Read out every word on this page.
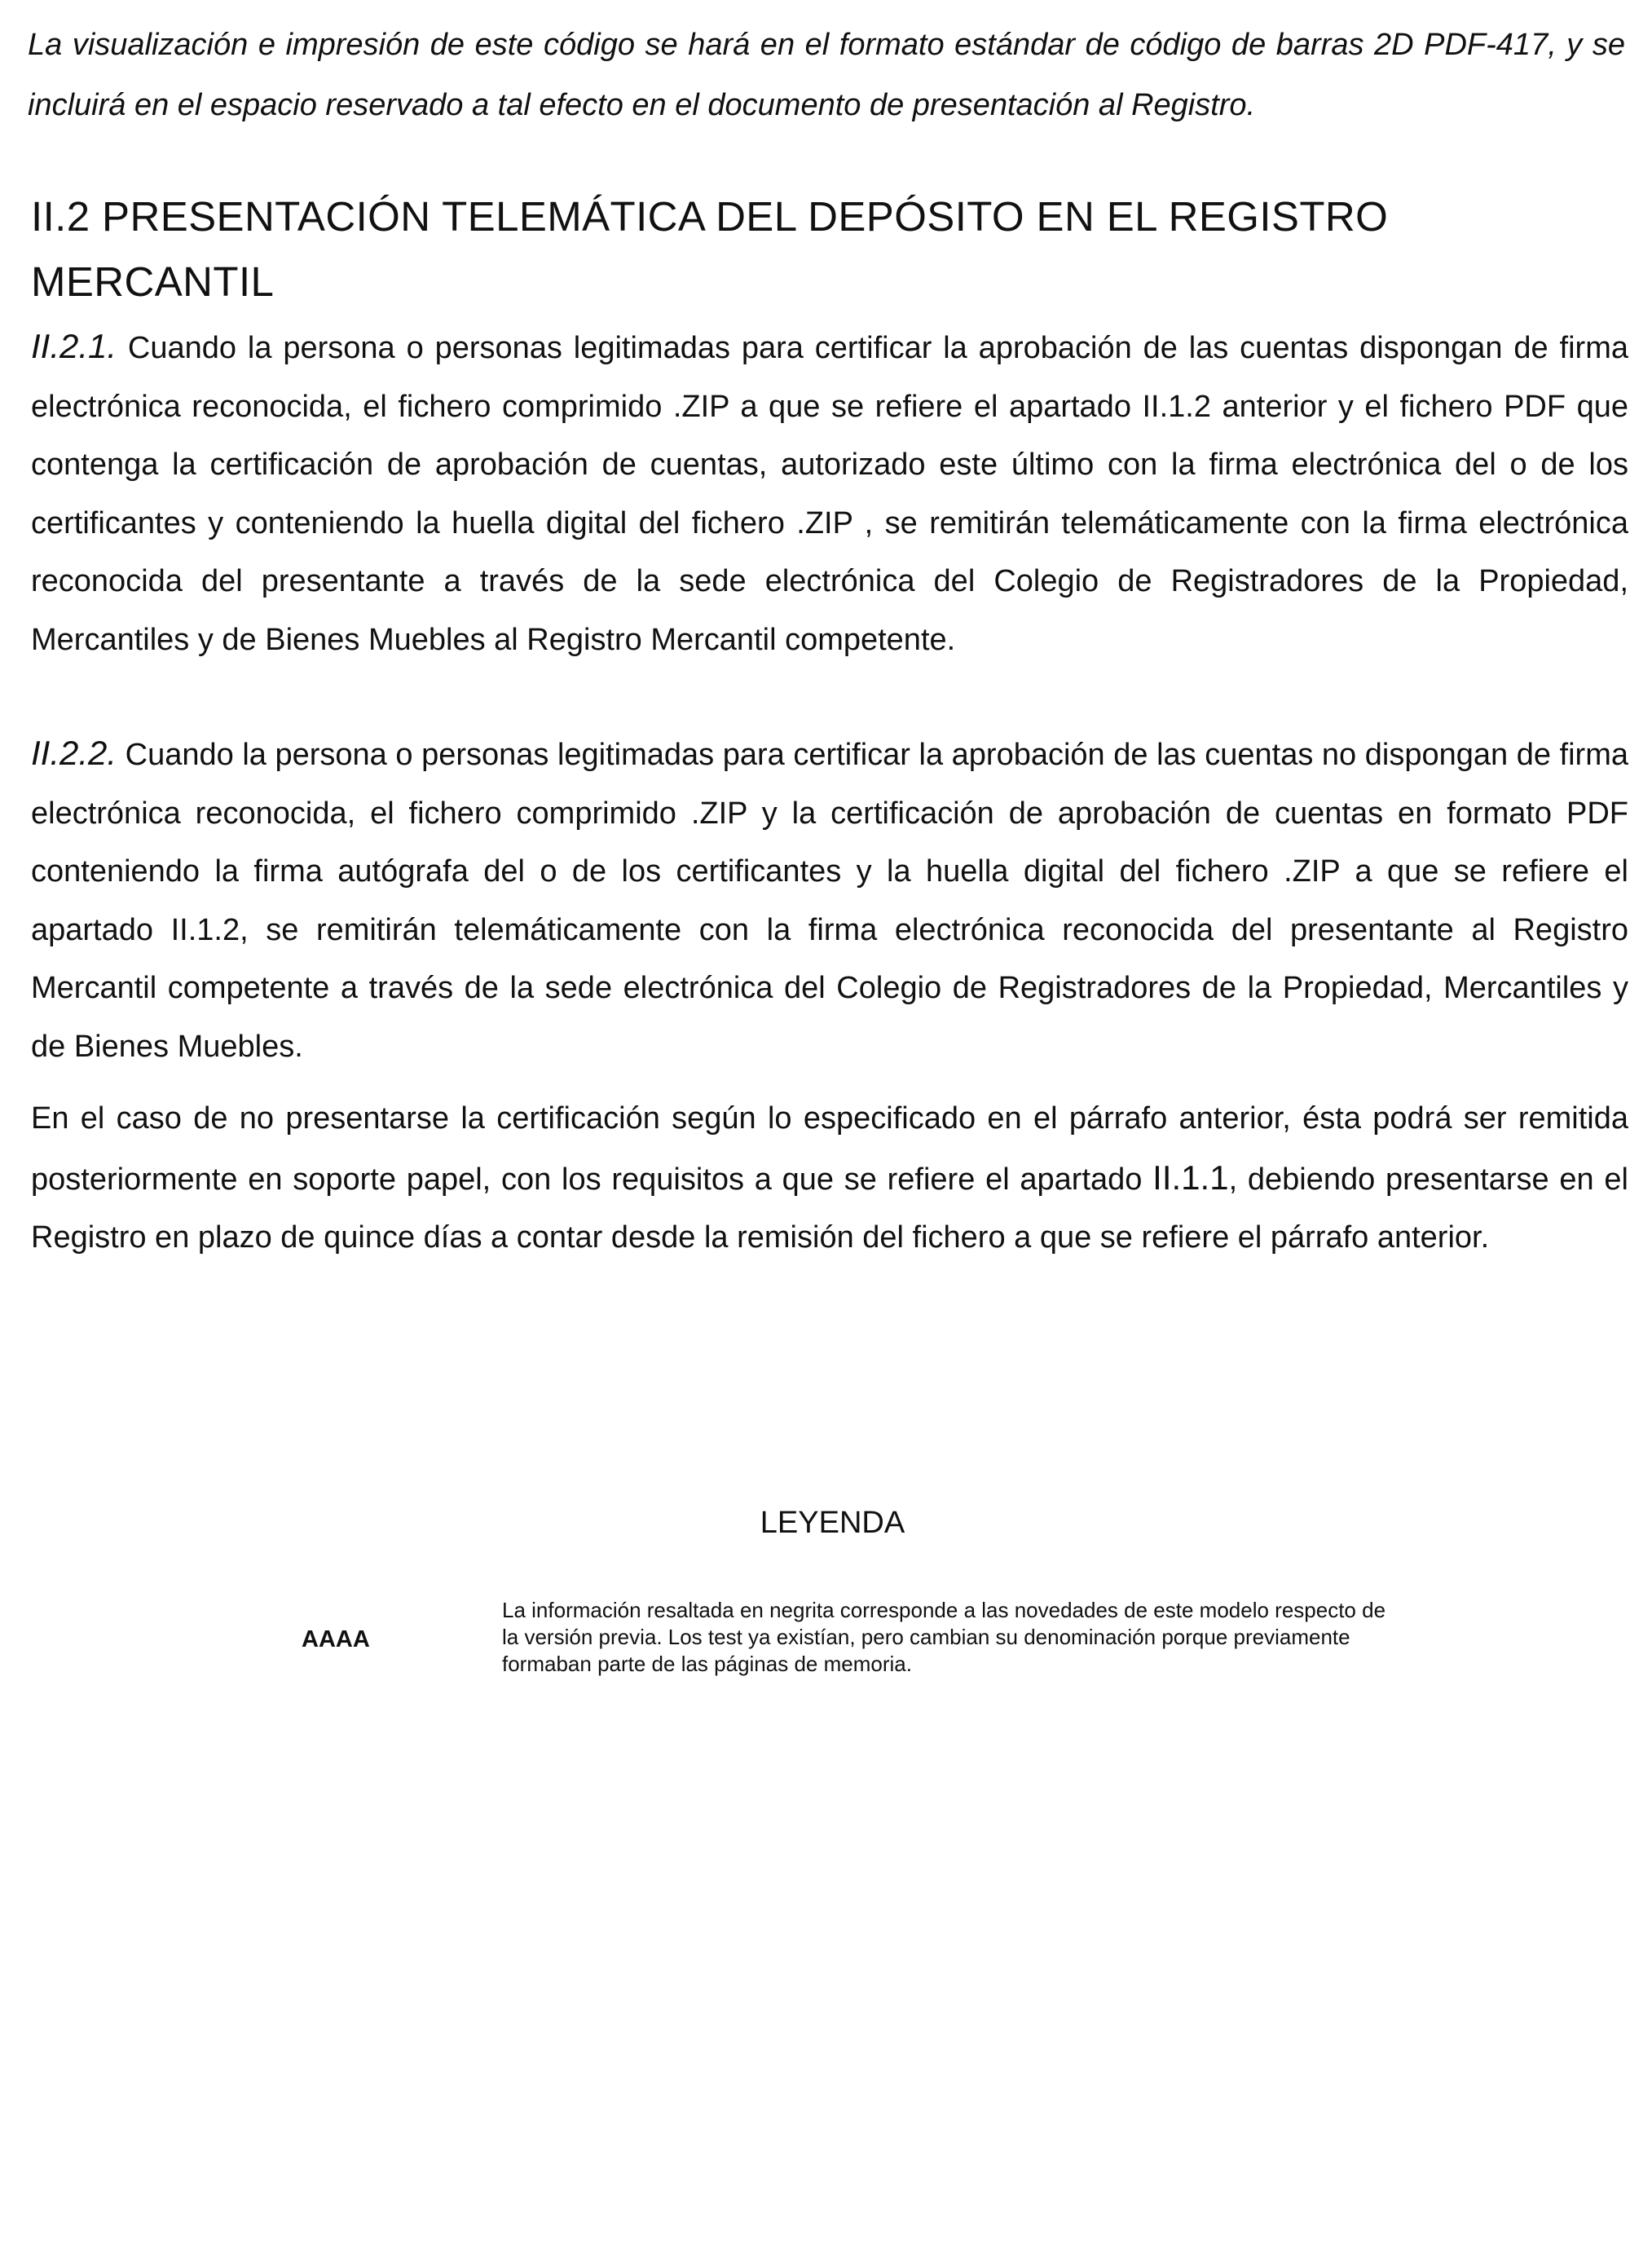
La visualización e impresión de este código se hará en el formato estándar de código de barras 2D PDF-417, y se incluirá en el espacio reservado a tal efecto en el documento de presentación al Registro.

II.2 PRESENTACIÓN TELEMÁTICA DEL DEPÓSITO EN EL REGISTRO MERCANTIL

II.2.1. Cuando la persona o personas legitimadas para certificar la aprobación de las cuentas dispongan de firma electrónica reconocida, el fichero comprimido .ZIP a que se refiere el apartado II.1.2 anterior y el fichero PDF que contenga la certificación de aprobación de cuentas, autorizado este último con la firma electrónica del o de los certificantes y conteniendo la huella digital del fichero .ZIP , se remitirán telemáticamente con la firma electrónica reconocida del presentante a través de la sede electrónica del Colegio de Registradores de la Propiedad, Mercantiles y de Bienes Muebles al Registro Mercantil competente.

II.2.2. Cuando la persona o personas legitimadas para certificar la aprobación de las cuentas no dispongan de firma electrónica reconocida, el fichero comprimido .ZIP y la certificación de aprobación de cuentas en formato PDF conteniendo la firma autógrafa del o de los certificantes y la huella digital del fichero .ZIP a que se refiere el apartado II.1.2, se remitirán telemáticamente con la firma electrónica reconocida del presentante al Registro Mercantil competente a través de la sede electrónica del Colegio de Registradores de la Propiedad, Mercantiles y de Bienes Muebles.

En el caso de no presentarse la certificación según lo especificado en el párrafo anterior, ésta podrá ser remitida posteriormente en soporte papel, con los requisitos a que se refiere el apartado II.1.1, debiendo presentarse en el Registro en plazo de quince días a contar desde la remisión del fichero a que se refiere el párrafo anterior.

LEYENDA
AAAA

La información resaltada en negrita corresponde a las novedades de este modelo respecto de la versión previa. Los test ya existían, pero cambian su denominación porque previamente formaban parte de las páginas de memoria.
